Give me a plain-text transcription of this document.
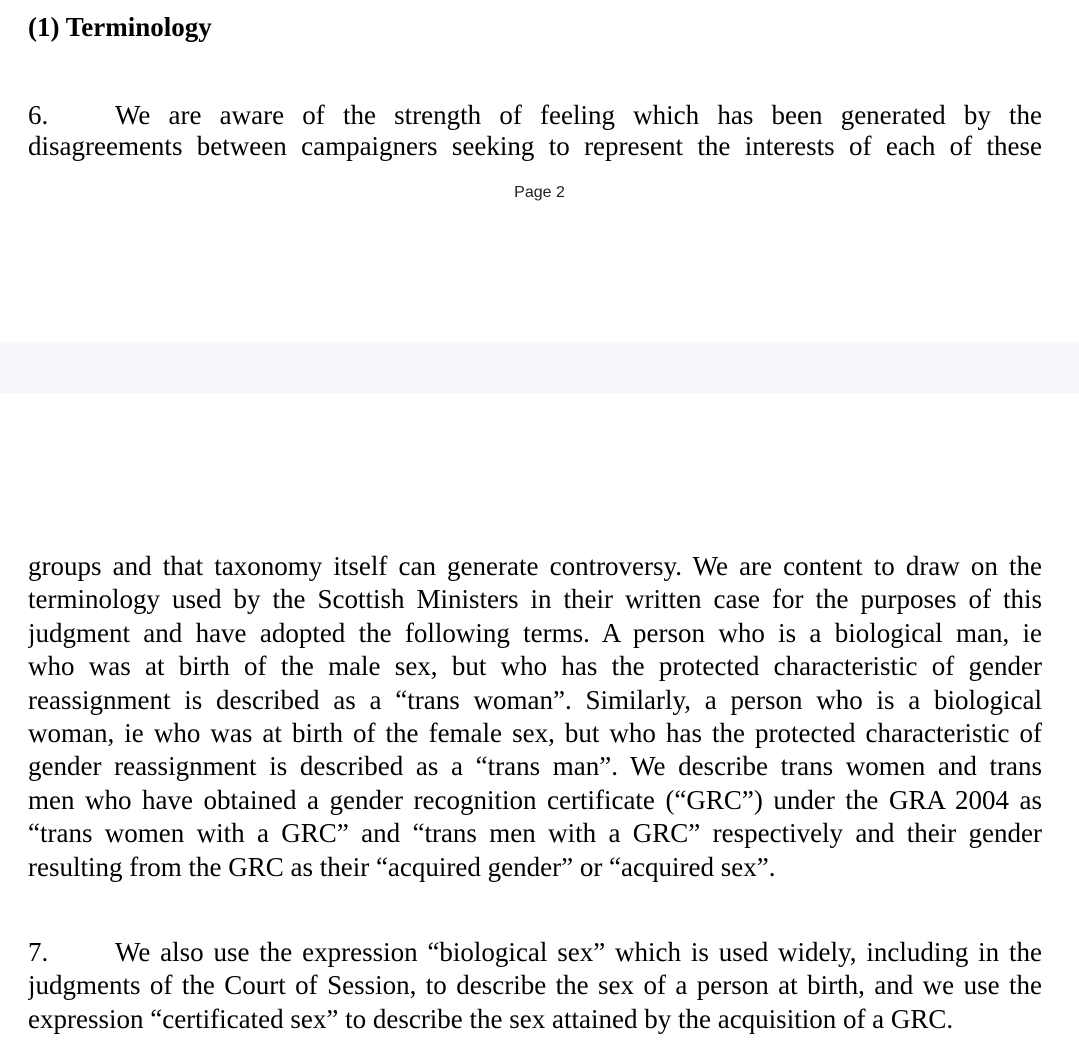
(1) Terminology
6. We are aware of the strength of feeling which has been generated by the
disagreements between campaigners seeking to represent the interests of each of these
Page 2
groups and that taxonomy itself can generate controversy. We are content to draw on the
terminology used by the Scottish Ministers in their written case for the purposes of this
judgment and have adopted the following terms. A person who is a biological man, ie
who was at birth of the male sex, but who has the protected characteristic of gender
reassignment is described as a “trans woman”. Similarly, a person who is a biological
woman, ie who was at birth of the female sex, but who has the protected characteristic of
gender reassignment is described as a “trans man”. We describe trans women and trans
men who have obtained a gender recognition certificate (“GRC”) under the GRA 2004 as
“trans women with a GRC” and “trans men with a GRC” respectively and their gender
resulting from the GRC as their “acquired gender” or “acquired sex”.
7. We also use the expression “biological sex” which is used widely, including in the
judgments of the Court of Session, to describe the sex of a person at birth, and we use the
expression “certificated sex” to describe the sex attained by the acquisition of a GRC.
